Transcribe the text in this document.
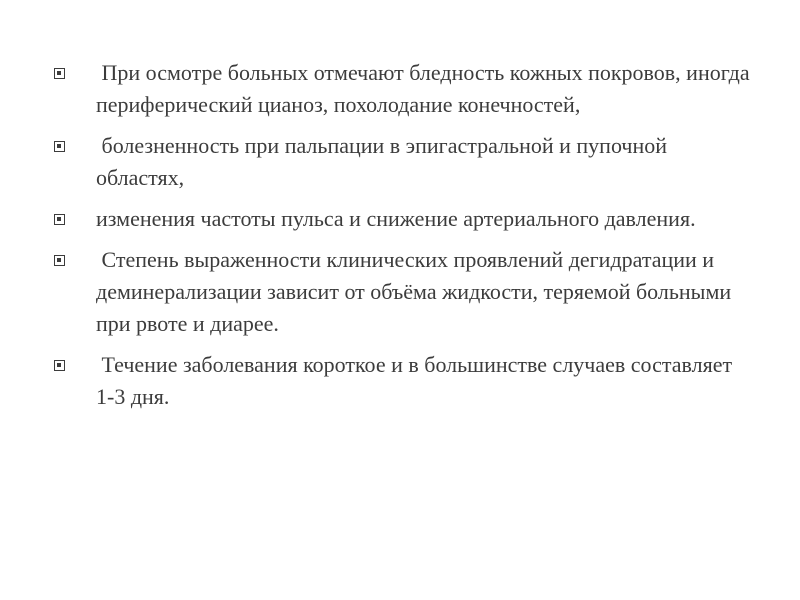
При осмотре больных отмечают бледность кожных покровов, иногда периферический цианоз, похолодание конечностей,
болезненность при пальпации в эпигастральной и пупочной областях,
изменения частоты пульса и снижение артериального давления.
Степень выраженности клинических проявлений дегидратации и деминерализации зависит от объёма жидкости, теряемой больными при рвоте и диарее.
Течение заболевания короткое и в большинстве случаев составляет 1-3 дня.
